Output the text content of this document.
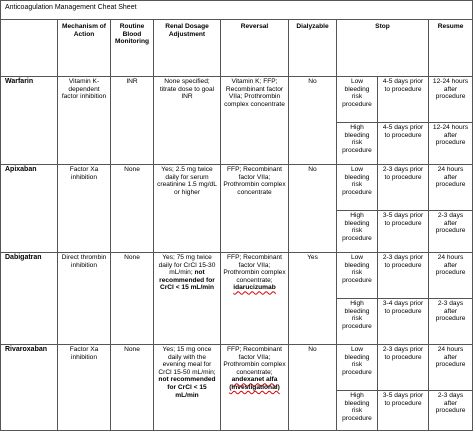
Anticoagulation Management Cheat Sheet								
	Mechanism of Action	Routine Blood Monitoring	Renal Dosage Adjustment	Reversal	Dialyzable	Stop		Resume
Warfarin	Vitamin K-dependent factor inhibition	INR	None specified; titrate dose to goal INR	Vitamin K; FFP; Recombinant factor VIIa; Prothrombin complex concentrate	No	Low bleeding risk procedure	4-5 days prior to procedure	12-24 hours after procedure
						High bleeding risk procedure	4-5 days prior to procedure	12-24 hours after procedure
Apixaban	Factor Xa inhibition	None	Yes; 2.5 mg twice daily for serum creatinine 1.5 mg/dL or higher	FFP; Recombinant factor VIIa; Prothrombin complex concentrate	No	Low bleeding risk procedure	2-3 days prior to procedure	24 hours after procedure
						High bleeding risk procedure	3-5 days prior to procedure	2-3 days after procedure
Dabigatran	Direct thrombin inhibition	None	Yes; 75 mg twice daily for CrCl 15-30 mL/min; not recommended for CrCl < 15 mL/min	FFP; Recombinant factor VIIa; Prothrombin complex concentrate; idarucizumab	Yes	Low bleeding risk procedure	2-3 days prior to procedure	24 hours after procedure
						High bleeding risk procedure	3-4 days prior to procedure	2-3 days after procedure
Rivaroxaban	Factor Xa inhibition	None	Yes; 15 mg once daily with the evening meal for CrCl 15-50 mL/min; not recommended for CrCl < 15 mL/min	FFP; Recombinant factor VIIa; Prothrombin complex concentrate; andexanet alfa (investigational)	No	Low bleeding risk procedure	2-3 days prior to procedure	24 hours after procedure
						High bleeding risk procedure	3-5 days prior to procedure	2-3 days after procedure
